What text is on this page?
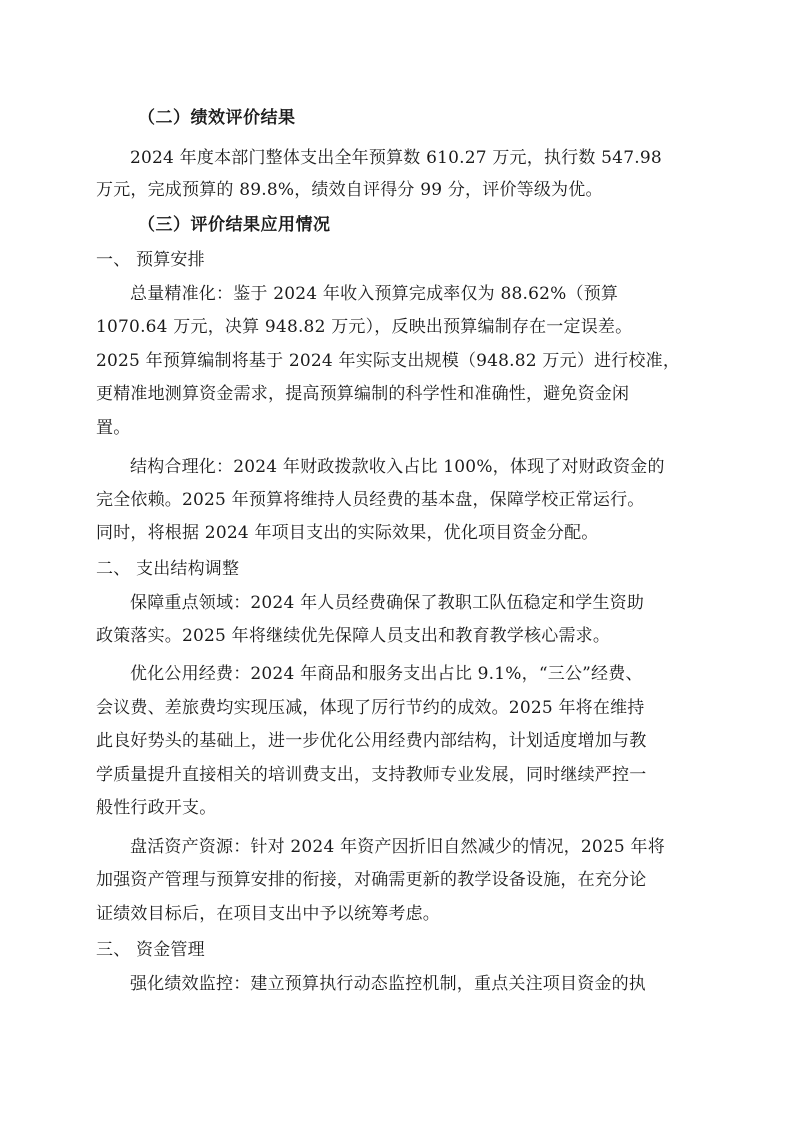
（二）绩效评价结果
2024 年度本部门整体支出全年预算数 610.27 万元，执行数 547.98
万元，完成预算的 89.8%，绩效自评得分 99 分，评价等级为优。
（三）评价结果应用情况
一、 预算安排
总量精准化：鉴于 2024 年收入预算完成率仅为 88.62%（预算
1070.64 万元，决算 948.82 万元），反映出预算编制存在一定误差。
2025 年预算编制将基于 2024 年实际支出规模（948.82 万元）进行校准，
更精准地测算资金需求，提高预算编制的科学性和准确性，避免资金闲
置。
结构合理化：2024 年财政拨款收入占比 100%，体现了对财政资金的
完全依赖。2025 年预算将维持人员经费的基本盘，保障学校正常运行。
同时，将根据 2024 年项目支出的实际效果，优化项目资金分配。
二、 支出结构调整
保障重点领域：2024 年人员经费确保了教职工队伍稳定和学生资助
政策落实。2025 年将继续优先保障人员支出和教育教学核心需求。
优化公用经费：2024 年商品和服务支出占比 9.1%，“三公”经费、
会议费、差旅费均实现压减，体现了厉行节约的成效。2025 年将在维持
此良好势头的基础上，进一步优化公用经费内部结构，计划适度增加与教
学质量提升直接相关的培训费支出，支持教师专业发展，同时继续严控一
般性行政开支。
盘活资产资源：针对 2024 年资产因折旧自然减少的情况，2025 年将
加强资产管理与预算安排的衔接，对确需更新的教学设备设施，在充分论
证绩效目标后，在项目支出中予以统筹考虑。
三、 资金管理
强化绩效监控：建立预算执行动态监控机制，重点关注项目资金的执
